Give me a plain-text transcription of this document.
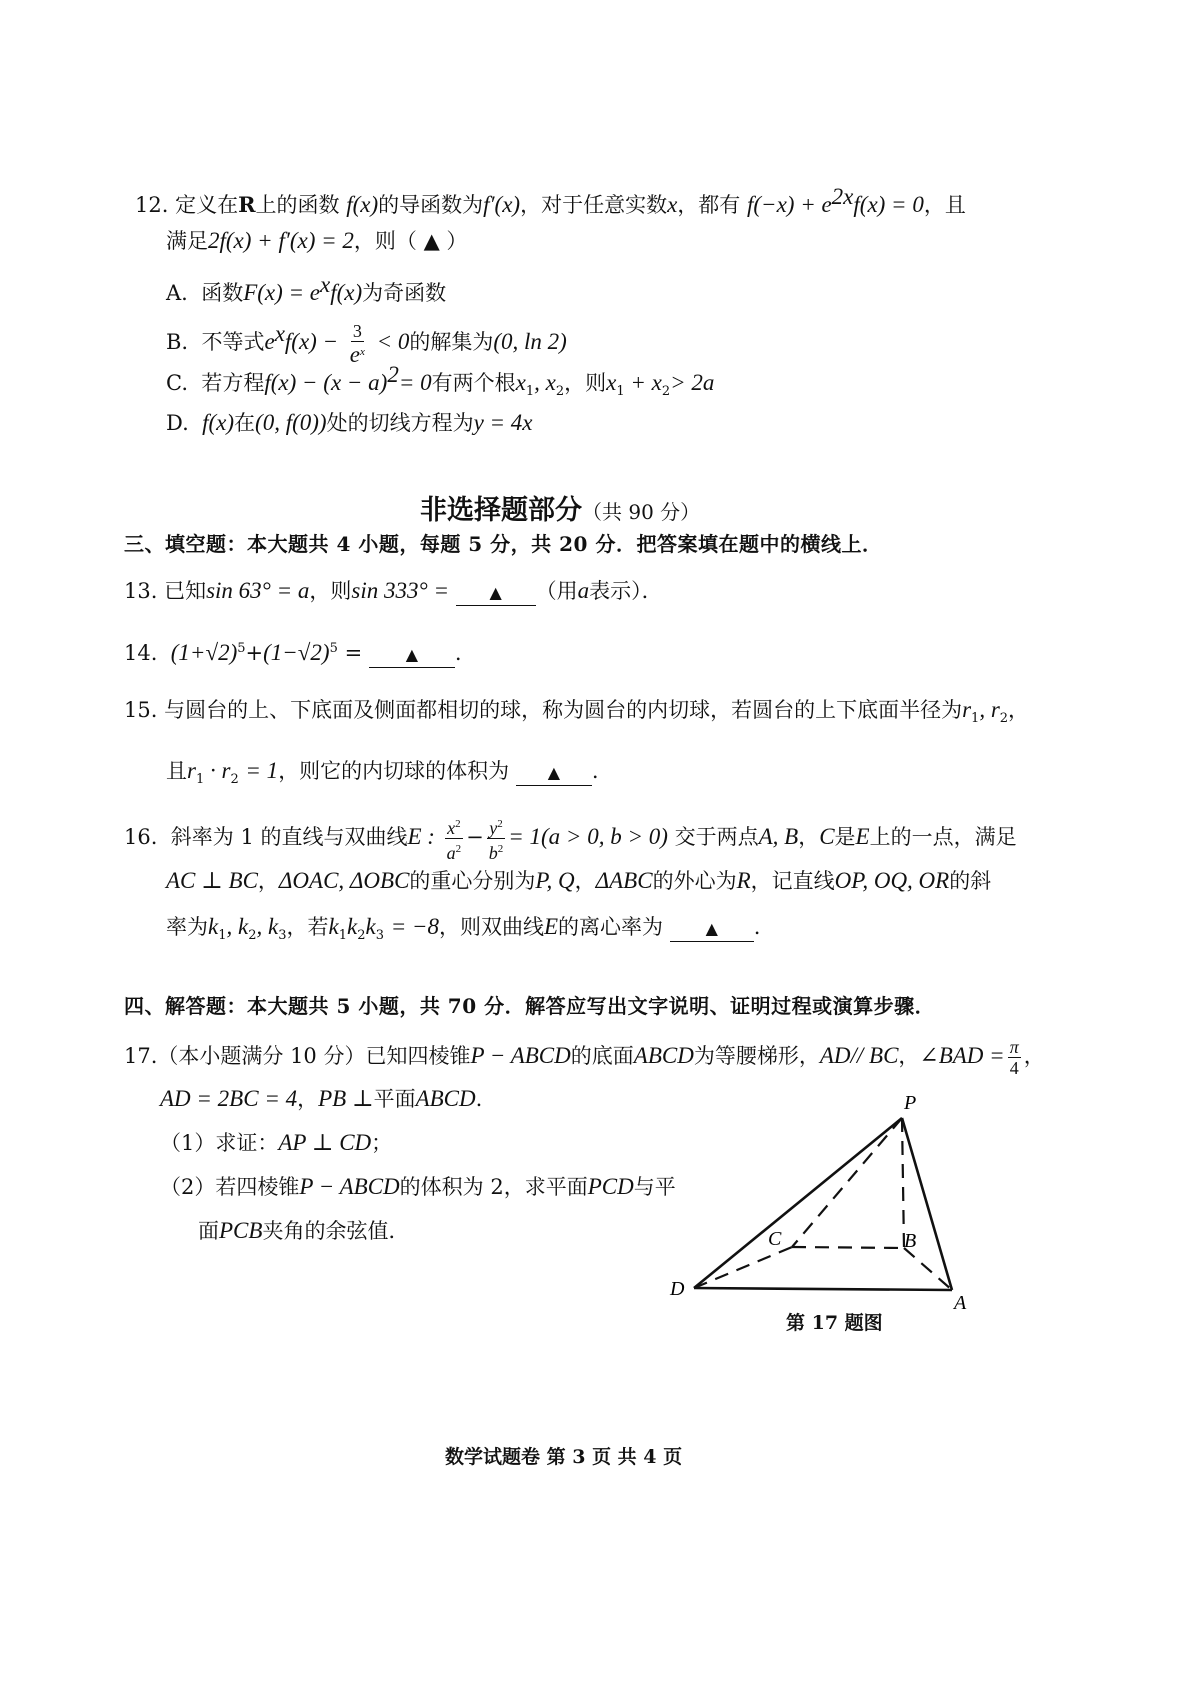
12. 定义在R上的函数 f(x)的导函数为f′(x)，对于任意实数x，都有 $f(-x) + e^{2x}f(x) = 0$，且
满足2f(x) + f′(x) = 2，则（ ▲ ）
A. 函数$F(x) = e^xf(x)$为奇函数
B. 不等式$e^xf(x) - \frac{3}{e^x} < 0$的解集为(0, ln 2)
C. 若方程$f(x) - (x - a)^2= 0$有两个根$x_1$, $x_2$，则$x_1 + x_2> 2a$
D. f(x)在(0, f(0))处的切线方程为y = 4x
非选择题部分（共 90 分）
三、填空题：本大题共 4 小题，每题 5 分，共 20 分．把答案填在题中的横线上．
13. 已知sin 63° = a，则sin 333° =	▲ （用a表示）．
14. $(1+√2)^5+(1-√2)^5$ =	▲ .
15. 与圆台的上、下底面及侧面都相切的球，称为圆台的内切球，若圆台的上下底面半径为$r_1$, $r_2$，
且$r_1 \cdot r_2 = 1$，则它的内切球的体积为 ▲ .
16. 斜率为 1 的直线与双曲线E : $\frac{x^2}{a^2} - \frac{y^2}{b^2} = 1(a > 0$, b > 0) 交于两点A, B，C是E上的一点，满足
AC ⊥ BC，ΔOAC, ΔOBC的重心分别为P, Q，ΔABC的外心为R，记直线OP, OQ, OR的斜
率为$k_1$, $k_2$, $k_3$，若$k_1k_2k_3 = -8$，则双曲线E的离心率为	▲ .
四、解答题：本大题共 5 小题，共 70 分．解答应写出文字说明、证明过程或演算步骤．
17.（本小题满分 10 分）已知四棱锥P − ABCD的底面ABCD为等腰梯形，AD// BC，∠BAD = $\frac{\pi}{4}$ ，
AD = 2BC = 4，PB ⊥平面ABCD.
（1）求证：AP ⊥ CD；
（2）若四棱锥P − ABCD的体积为 2，求平面PCD与平
面PCB夹角的余弦值．
P
C	B
D
A
第 17 题图
数学试题卷 第 3 页 共 4 页
